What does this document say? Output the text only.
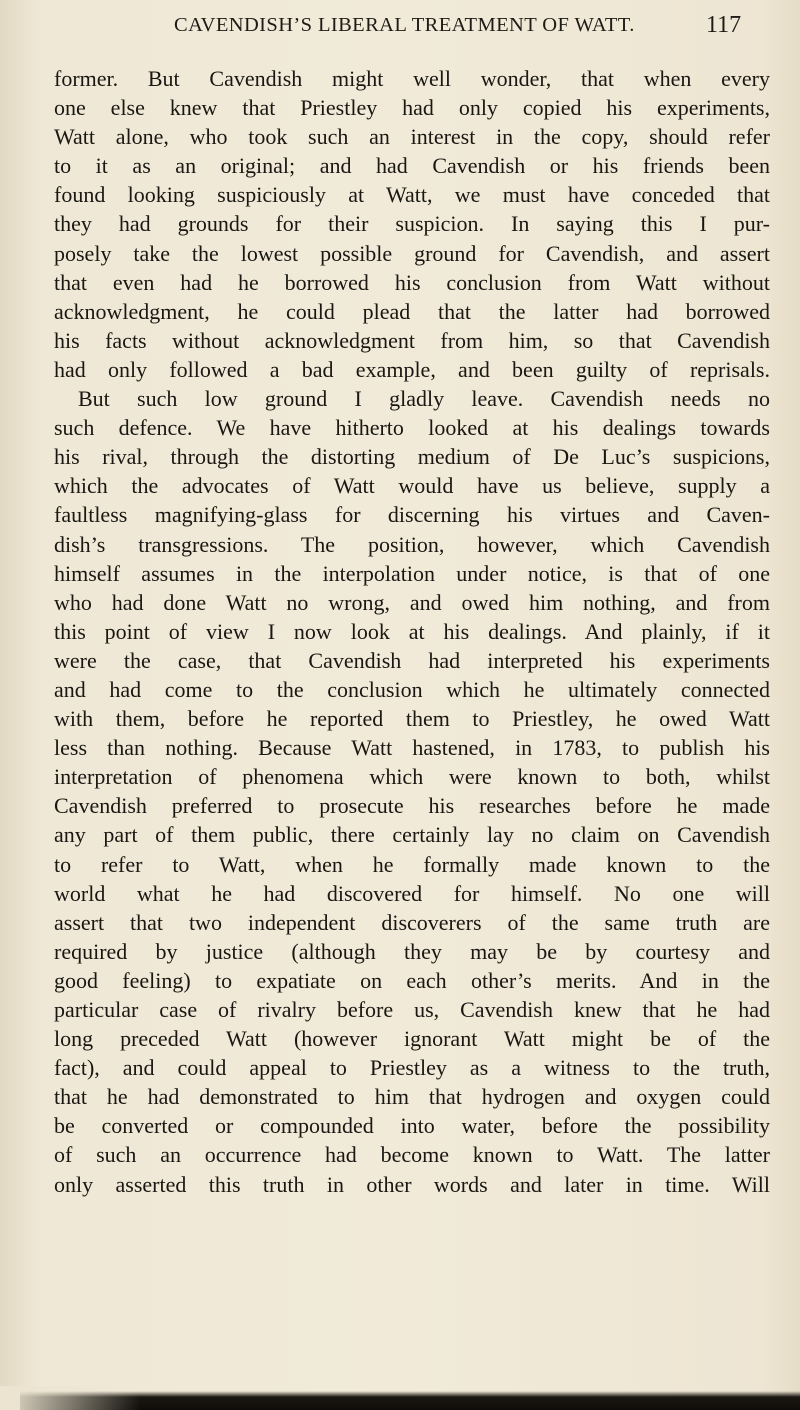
CAVENDISH’S LIBERAL TREATMENT OF WATT.	117
former. But Cavendish might well wonder, that when every
one else knew that Priestley had only copied his experiments,
Watt alone, who took such an interest in the copy, should refer
to it as an original; and had Cavendish or his friends been
found looking suspiciously at Watt, we must have conceded that
they had grounds for their suspicion. In saying this I pur-
posely take the lowest possible ground for Cavendish, and assert
that even had he borrowed his conclusion from Watt without
acknowledgment, he could plead that the latter had borrowed
his facts without acknowledgment from him, so that Cavendish
had only followed a bad example, and been guilty of reprisals.
But such low ground I gladly leave. Cavendish needs no
such defence. We have hitherto looked at his dealings towards
his rival, through the distorting medium of De Luc’s suspicions,
which the advocates of Watt would have us believe, supply a
faultless magnifying-glass for discerning his virtues and Caven-
dish’s transgressions. The position, however, which Cavendish
himself assumes in the interpolation under notice, is that of one
who had done Watt no wrong, and owed him nothing, and from
this point of view I now look at his dealings. And plainly, if it
were the case, that Cavendish had interpreted his experiments
and had come to the conclusion which he ultimately connected
with them, before he reported them to Priestley, he owed Watt
less than nothing. Because Watt hastened, in 1783, to publish his
interpretation of phenomena which were known to both, whilst
Cavendish preferred to prosecute his researches before he made
any part of them public, there certainly lay no claim on Cavendish
to refer to Watt, when he formally made known to the
world what he had discovered for himself. No one will
assert that two independent discoverers of the same truth are
required by justice (although they may be by courtesy and
good feeling) to expatiate on each other’s merits. And in the
particular case of rivalry before us, Cavendish knew that he had
long preceded Watt (however ignorant Watt might be of the
fact), and could appeal to Priestley as a witness to the truth,
that he had demonstrated to him that hydrogen and oxygen could
be converted or compounded into water, before the possibility
of such an occurrence had become known to Watt. The latter
only asserted this truth in other words and later in time. Will
